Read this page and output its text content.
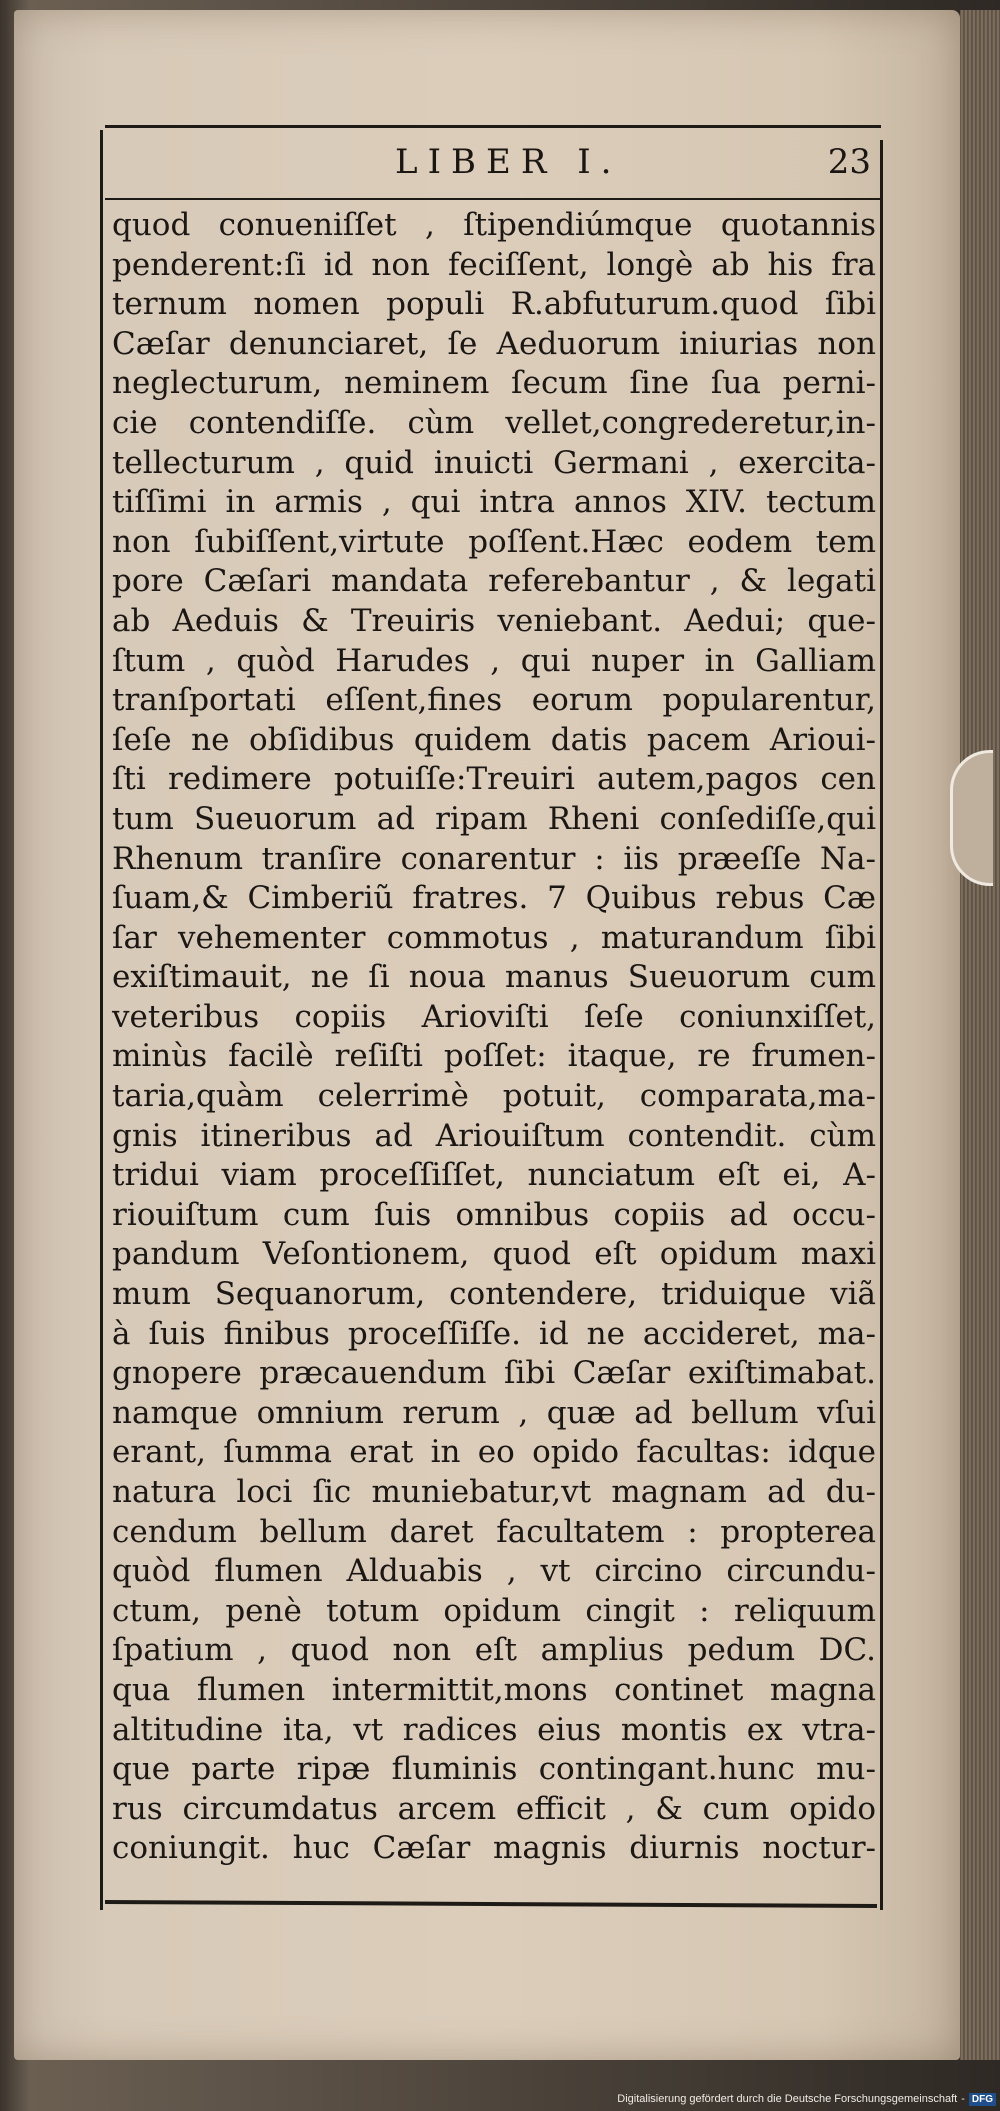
LIBER I.	23
quod conueniſſet , ſtipendiúmque quotannis
penderent:ſi id non feciſſent, longè ab his fra
ternum nomen populi R.abfuturum.quod ſibi
Cæſar denunciaret, ſe Aeduorum iniurias non
neglecturum, neminem ſecum ſine ſua perni-
cie contendiſſe. cùm vellet,congrederetur,in-
tellecturum , quid inuicti Germani , exercita-
tiſſimi in armis , qui intra annos XIV. tectum
non ſubiſſent,virtute poſſent.Hæc eodem tem
pore Cæſari mandata referebantur , & legati
ab Aeduis & Treuiris veniebant. Aedui; que-
ſtum , quòd Harudes , qui nuper in Galliam
tranſportati eſſent,fines eorum popularentur,
ſeſe ne obſidibus quidem datis pacem Arioui-
ſti redimere potuiſſe:Treuiri autem,pagos cen
tum Sueuorum ad ripam Rheni conſediſſe,qui
Rhenum tranſire conarentur : iis præeſſe Na-
ſuam,& Cimberiũ fratres. 7 Quibus rebus Cæ
ſar vehementer commotus , maturandum ſibi
exiſtimauit, ne ſi noua manus Sueuorum cum
veteribus copiis Arioviſti ſeſe coniunxiſſet,
minùs facilè reſiſti poſſet: itaque, re frumen-
taria,quàm celerrimè potuit, comparata,ma-
gnis itineribus ad Ariouiſtum contendit. cùm
tridui viam proceſſiſſet, nunciatum eſt ei, A-
riouiſtum cum ſuis omnibus copiis ad occu-
pandum Veſontionem, quod eſt opidum maxi
mum Sequanorum, contendere, triduique viã
à ſuis finibus proceſſiſſe. id ne accideret, ma-
gnopere præcauendum ſibi Cæſar exiſtimabat.
namque omnium rerum , quæ ad bellum vſui
erant, ſumma erat in eo opido facultas: idque
natura loci ſic muniebatur,vt magnam ad du-
cendum bellum daret facultatem : propterea
quòd flumen Alduabis , vt circino circundu-
ctum, penè totum opidum cingit : reliquum
ſpatium , quod non eſt amplius pedum DC.
qua flumen intermittit,mons continet magna
altitudine ita, vt radices eius montis ex vtra-
que parte ripæ fluminis contingant.hunc mu-
rus circumdatus arcem efficit , & cum opido
coniungit. huc Cæſar magnis diurnis noctur-
Digitalisierung gefördert durch die Deutsche Forschungsgemeinschaft - DFG
